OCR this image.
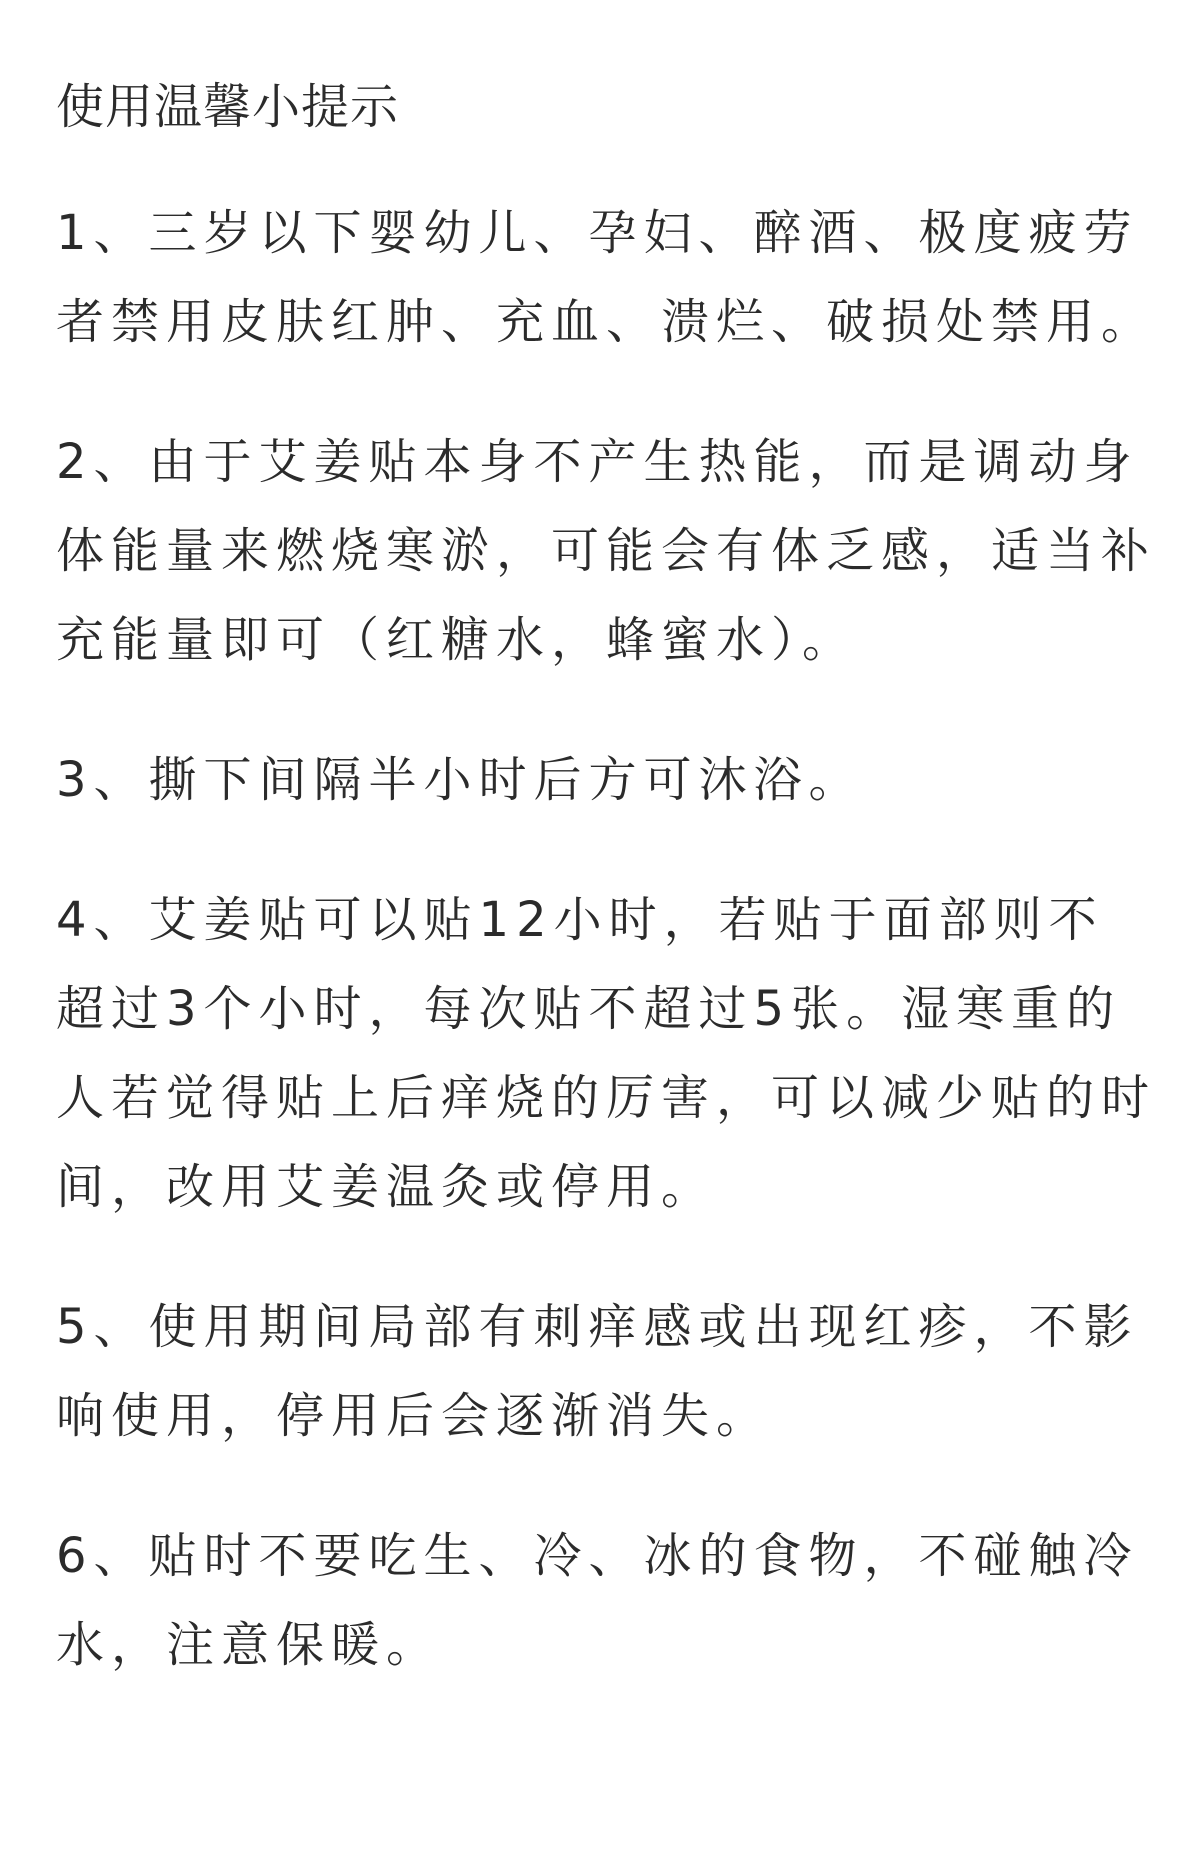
使用温馨小提示
1、三岁以下婴幼儿、孕妇、醉酒、极度疲劳者禁用皮肤红肿、充血、溃烂、破损处禁用。
2、由于艾姜贴本身不产生热能，而是调动身体能量来燃烧寒淤，可能会有体乏感，适当补充能量即可（红糖水，蜂蜜水）。
3、撕下间隔半小时后方可沐浴。
4、艾姜贴可以贴12小时，若贴于面部则不超过3个小时，每次贴不超过5张。湿寒重的人若觉得贴上后痒烧的厉害，可以减少贴的时间，改用艾姜温灸或停用。
5、使用期间局部有刺痒感或出现红疹，不影响使用，停用后会逐渐消失。
6、贴时不要吃生、冷、冰的食物，不碰触冷水，注意保暖。
